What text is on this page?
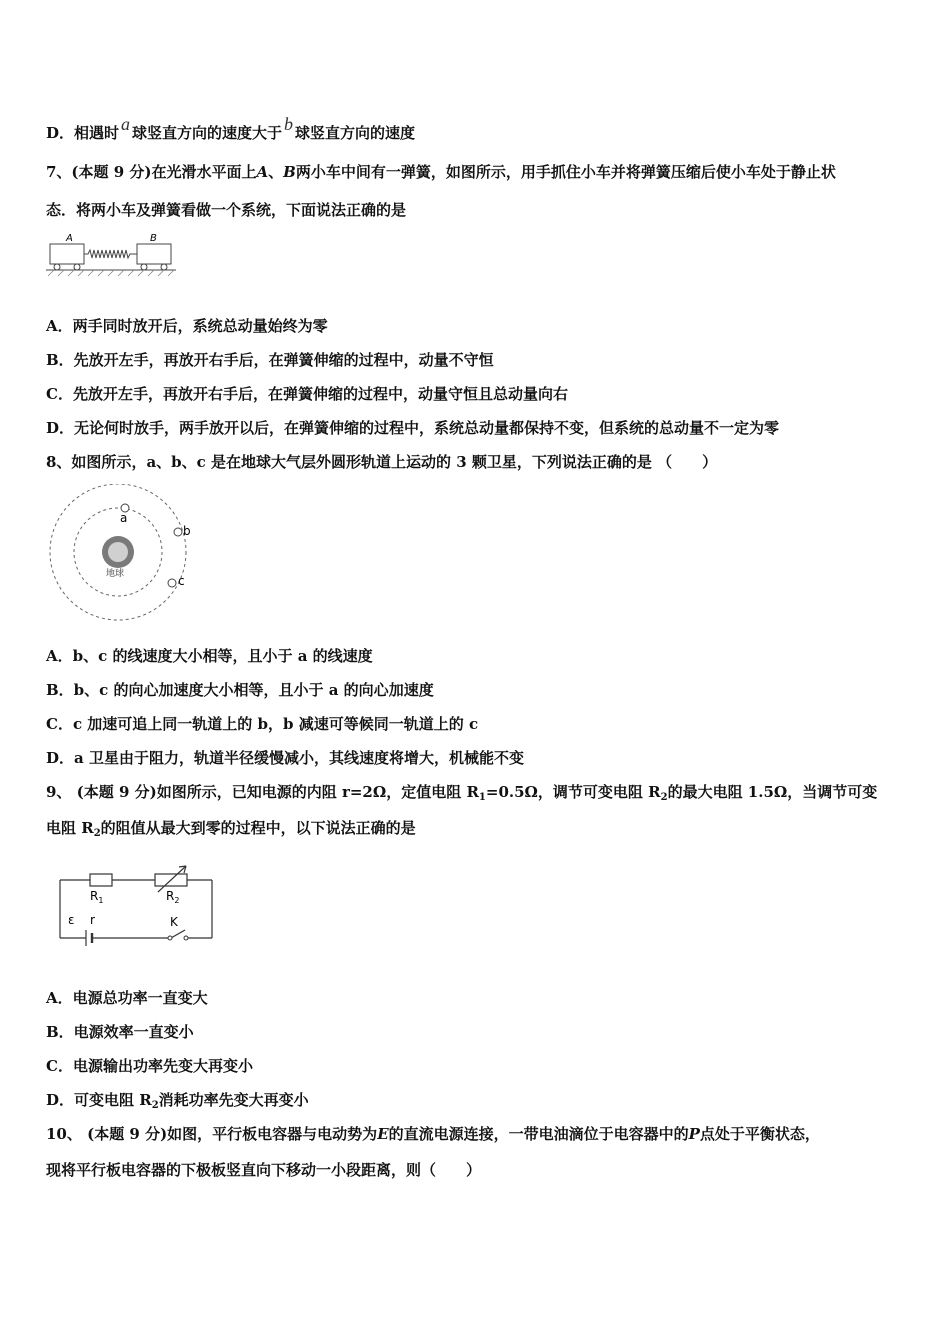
D．相遇时 a 球竖直方向的速度大于 b 球竖直方向的速度
7、(本题 9 分)在光滑水平面上A、B两小车中间有一弹簧，如图所示，用手抓住小车并将弹簧压缩后使小车处于静止状
态．将两小车及弹簧看做一个系统，下面说法正确的是
A	B
A．两手同时放开后，系统总动量始终为零
B．先放开左手，再放开右手后，在弹簧伸缩的过程中，动量不守恒
C．先放开左手，再放开右手后，在弹簧伸缩的过程中，动量守恒且总动量向右
D．无论何时放手，两手放开以后，在弹簧伸缩的过程中，系统总动量都保持不变，但系统的总动量不一定为零
8、如图所示，a、b、c 是在地球大气层外圆形轨道上运动的 3 颗卫星，下列说法正确的是 （　　）
地球
a
b
c
A．b、c 的线速度大小相等，且小于 a 的线速度
B．b、c 的向心加速度大小相等，且小于 a 的向心加速度
C．c 加速可追上同一轨道上的 b，b 减速可等候同一轨道上的 c
D．a 卫星由于阻力，轨道半径缓慢减小，其线速度将增大，机械能不变
9、 (本题 9 分)如图所示，已知电源的内阻 r=2Ω，定值电阻 $R_1=0.5\Omega$，调节可变电阻 $R_2$的最大电阻 1.5Ω，当调节可变
电阻 $R_2$的阻值从最大到零的过程中，以下说法正确的是
$R_1$	$R_2$
ε r	K
A．电源总功率一直变大
B．电源效率一直变小
C．电源输出功率先变大再变小
D．可变电阻 $R_2$消耗功率先变大再变小
10、 (本题 9 分)如图，平行板电容器与电动势为E的直流电源连接，一带电油滴位于电容器中的P点处于平衡状态，
现将平行板电容器的下极板竖直向下移动一小段距离，则（　　）
